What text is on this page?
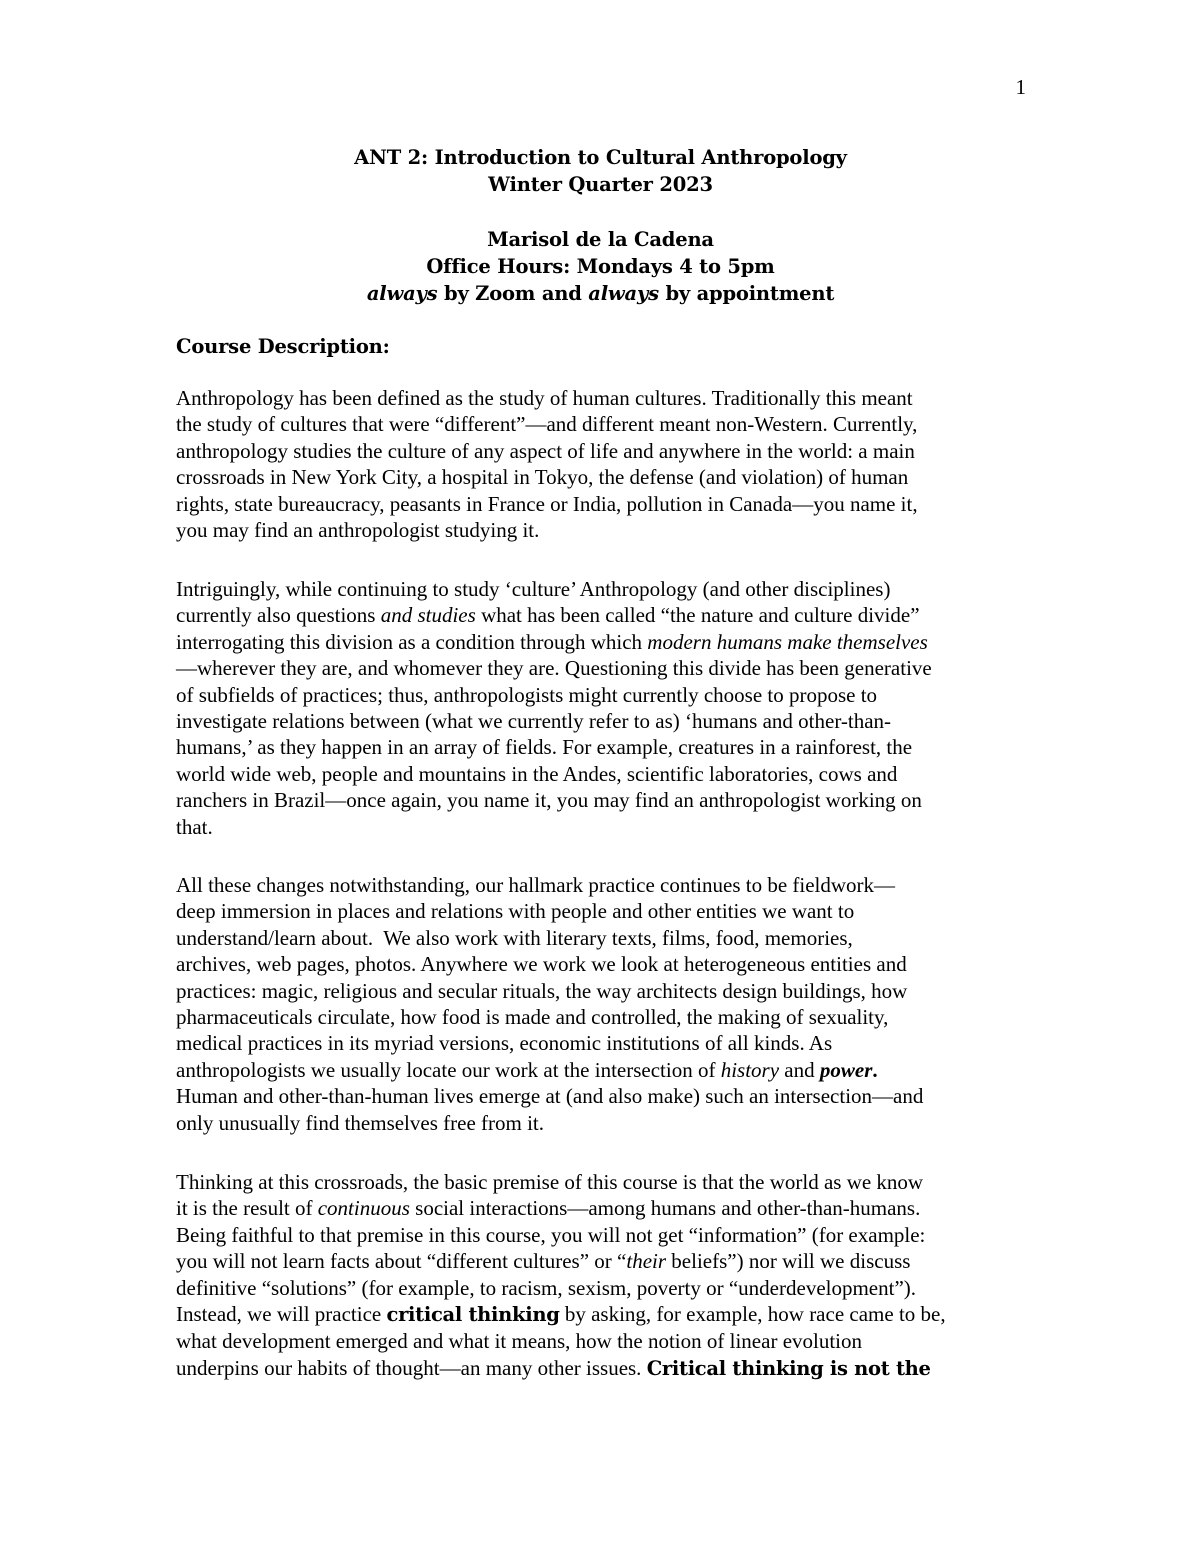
1
ANT 2: Introduction to Cultural Anthropology
Winter Quarter 2023
Marisol de la Cadena
Office Hours: Mondays 4 to 5pm
always by Zoom and always by appointment
Course Description:

Anthropology has been defined as the study of human cultures. Traditionally this meant
the study of cultures that were “different”—and different meant non-Western. Currently,
anthropology studies the culture of any aspect of life and anywhere in the world: a main
crossroads in New York City, a hospital in Tokyo, the defense (and violation) of human
rights, state bureaucracy, peasants in France or India, pollution in Canada—you name it,
you may find an anthropologist studying it.

Intriguingly, while continuing to study ‘culture’ Anthropology (and other disciplines)
currently also questions and studies what has been called “the nature and culture divide”
interrogating this division as a condition through which modern humans make themselves
—wherever they are, and whomever they are. Questioning this divide has been generative
of subfields of practices; thus, anthropologists might currently choose to propose to
investigate relations between (what we currently refer to as) ‘humans and other-than-
humans,’ as they happen in an array of fields. For example, creatures in a rainforest, the
world wide web, people and mountains in the Andes, scientific laboratories, cows and
ranchers in Brazil—once again, you name it, you may find an anthropologist working on
that.

All these changes notwithstanding, our hallmark practice continues to be fieldwork—
deep immersion in places and relations with people and other entities we want to
understand/learn about.  We also work with literary texts, films, food, memories,
archives, web pages, photos. Anywhere we work we look at heterogeneous entities and
practices: magic, religious and secular rituals, the way architects design buildings, how
pharmaceuticals circulate, how food is made and controlled, the making of sexuality,
medical practices in its myriad versions, economic institutions of all kinds. As
anthropologists we usually locate our work at the intersection of history and power.
Human and other-than-human lives emerge at (and also make) such an intersection—and
only unusually find themselves free from it.

Thinking at this crossroads, the basic premise of this course is that the world as we know
it is the result of continuous social interactions—among humans and other-than-humans.
Being faithful to that premise in this course, you will not get “information” (for example:
you will not learn facts about “different cultures” or “their beliefs”) nor will we discuss
definitive “solutions” (for example, to racism, sexism, poverty or “underdevelopment”).
Instead, we will practice critical thinking by asking, for example, how race came to be,
what development emerged and what it means, how the notion of linear evolution
underpins our habits of thought—an many other issues. Critical thinking is not the
